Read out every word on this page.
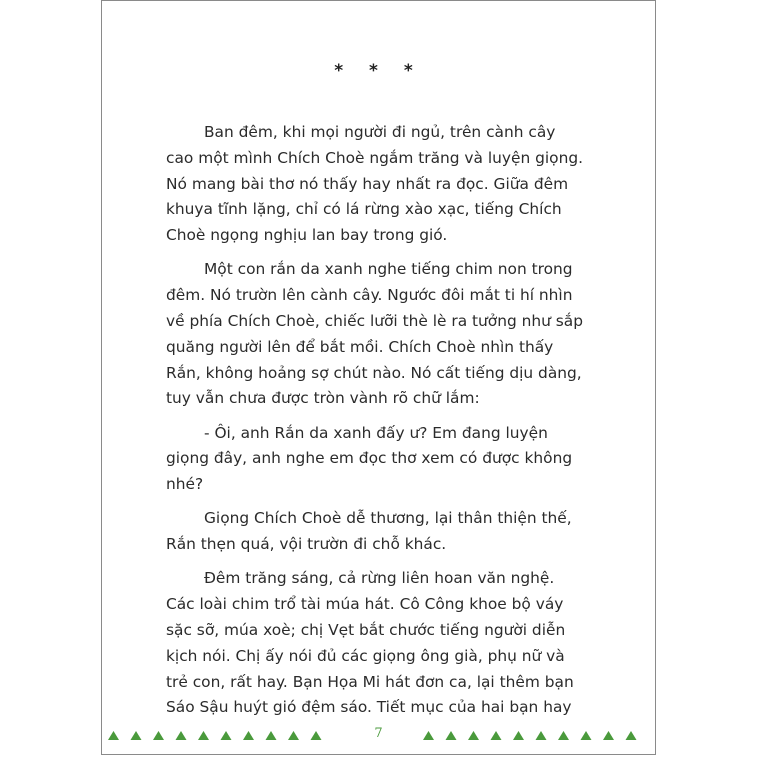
* * *

Ban đêm, khi mọi người đi ngủ, trên cành cây cao một mình Chích Choè ngắm trăng và luyện giọng. Nó mang bài thơ nó thấy hay nhất ra đọc. Giữa đêm khuya tĩnh lặng, chỉ có lá rừng xào xạc, tiếng Chích Choè ngọng nghịu lan bay trong gió.

Một con rắn da xanh nghe tiếng chim non trong đêm. Nó trườn lên cành cây. Ngước đôi mắt ti hí nhìn về phía Chích Choè, chiếc lưỡi thè lè ra tưởng như sắp quăng người lên để bắt mồi. Chích Choè nhìn thấy Rắn, không hoảng sợ chút nào. Nó cất tiếng dịu dàng, tuy vẫn chưa được tròn vành rõ chữ lắm:

- Ôi, anh Rắn da xanh đấy ư? Em đang luyện giọng đây, anh nghe em đọc thơ xem có được không nhé?

Giọng Chích Choè dễ thương, lại thân thiện thế, Rắn thẹn quá, vội trườn đi chỗ khác.

Đêm trăng sáng, cả rừng liên hoan văn nghệ. Các loài chim trổ tài múa hát. Cô Công khoe bộ váy sặc sỡ, múa xoè; chị Vẹt bắt chước tiếng người diễn kịch nói. Chị ấy nói đủ các giọng ông già, phụ nữ và trẻ con, rất hay. Bạn Họa Mi hát đơn ca, lại thêm bạn Sáo Sậu huýt gió đệm sáo. Tiết mục của hai bạn hay

7
